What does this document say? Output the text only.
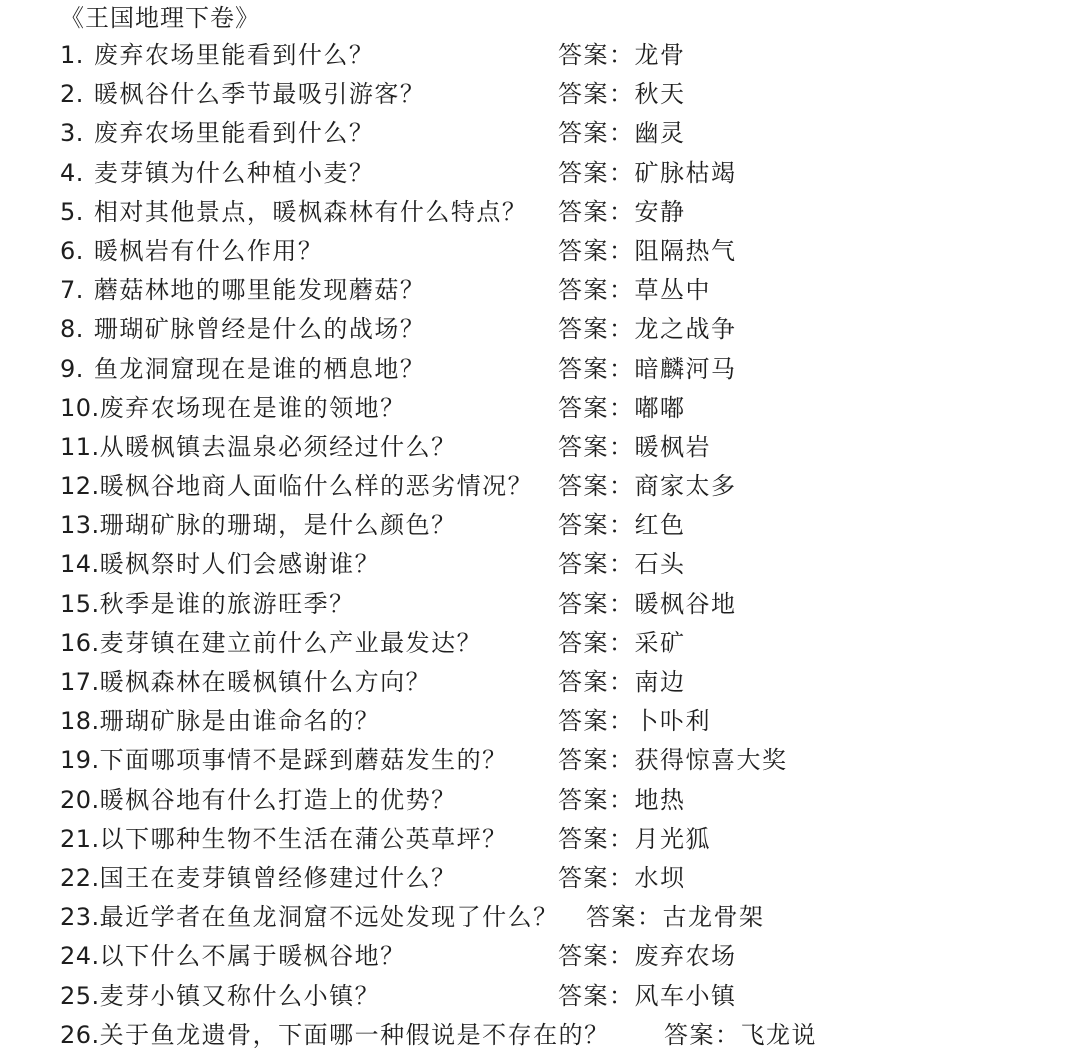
《王国地理下卷》
1. 废弃农场里能看到什么？	答案：龙骨
2. 暖枫谷什么季节最吸引游客？	答案：秋天
3. 废弃农场里能看到什么？	答案：幽灵
4. 麦芽镇为什么种植小麦？	答案：矿脉枯竭
5. 相对其他景点，暖枫森林有什么特点？ 答案：安静
6. 暖枫岩有什么作用？	答案：阻隔热气
7. 蘑菇林地的哪里能发现蘑菇？	答案：草丛中
8. 珊瑚矿脉曾经是什么的战场？	答案：龙之战争
9. 鱼龙洞窟现在是谁的栖息地？	答案：暗麟河马
10.废弃农场现在是谁的领地？	答案：嘟嘟
11.从暖枫镇去温泉必须经过什么？	答案：暖枫岩
12.暖枫谷地商人面临什么样的恶劣情况？ 答案：商家太多
13.珊瑚矿脉的珊瑚，是什么颜色？	答案：红色
14.暖枫祭时人们会感谢谁？	答案：石头
15.秋季是谁的旅游旺季？	答案：暖枫谷地
16.麦芽镇在建立前什么产业最发达？	答案：采矿
17.暖枫森林在暖枫镇什么方向？	答案：南边
18.珊瑚矿脉是由谁命名的？	答案：卜卟利
19.下面哪项事情不是踩到蘑菇发生的？ 答案：获得惊喜大奖
20.暖枫谷地有什么打造上的优势？	答案：地热
21.以下哪种生物不生活在蒲公英草坪？ 答案：月光狐
22.国王在麦芽镇曾经修建过什么？	答案：水坝
23.最近学者在鱼龙洞窟不远处发现了什么？ 答案：古龙骨架
24.以下什么不属于暖枫谷地？	答案：废弃农场
25.麦芽小镇又称什么小镇？	答案：风车小镇
26.关于鱼龙遗骨，下面哪一种假说是不存在的？ 答案：飞龙说
